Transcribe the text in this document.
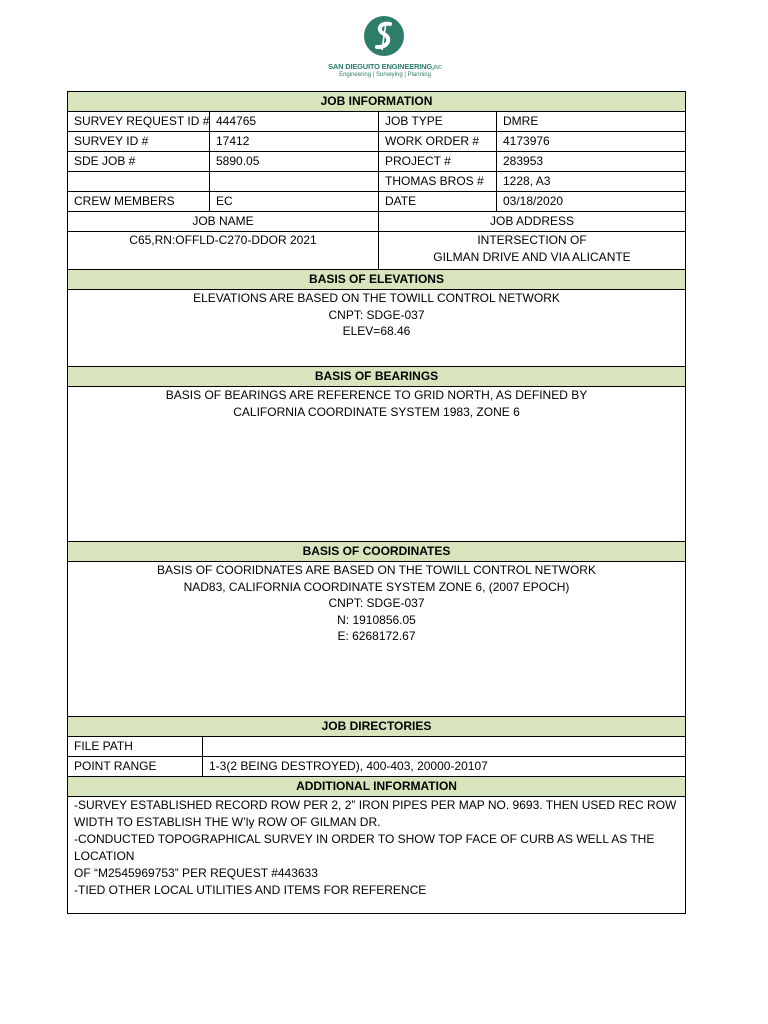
SAN DIEGUITO ENGINEERING,INC
Engineering | Surveying | Planning
JOB INFORMATION
SURVEY REQUEST ID # 444765	JOB TYPE	DMRE
SURVEY ID #	17412	WORK ORDER #	4173976
SDE JOB #	5890.05	PROJECT #	283953
THOMAS BROS #	1228, A3
CREW MEMBERS	EC	DATE	03/18/2020
JOB NAME	JOB ADDRESS
C65,RN:OFFLD-C270-DDOR 2021	INTERSECTION OF
GILMAN DRIVE AND VIA ALICANTE
BASIS OF ELEVATIONS
ELEVATIONS ARE BASED ON THE TOWILL CONTROL NETWORK
CNPT: SDGE-037
ELEV=68.46
BASIS OF BEARINGS
BASIS OF BEARINGS ARE REFERENCE TO GRID NORTH, AS DEFINED BY
CALIFORNIA COORDINATE SYSTEM 1983, ZONE 6
BASIS OF COORDINATES
BASIS OF COORIDNATES ARE BASED ON THE TOWILL CONTROL NETWORK
NAD83, CALIFORNIA COORDINATE SYSTEM ZONE 6, (2007 EPOCH)
CNPT: SDGE-037
N: 1910856.05
E: 6268172.67
JOB DIRECTORIES
FILE PATH
POINT RANGE	1-3(2 BEING DESTROYED), 400-403, 20000-20107
ADDITIONAL INFORMATION
-SURVEY ESTABLISHED RECORD ROW PER 2, 2” IRON PIPES PER MAP NO. 9693. THEN USED REC ROW
WIDTH TO ESTABLISH THE W’ly ROW OF GILMAN DR.
-CONDUCTED TOPOGRAPHICAL SURVEY IN ORDER TO SHOW TOP FACE OF CURB AS WELL AS THE LOCATION
OF “M2545969753” PER REQUEST #443633
-TIED OTHER LOCAL UTILITIES AND ITEMS FOR REFERENCE
